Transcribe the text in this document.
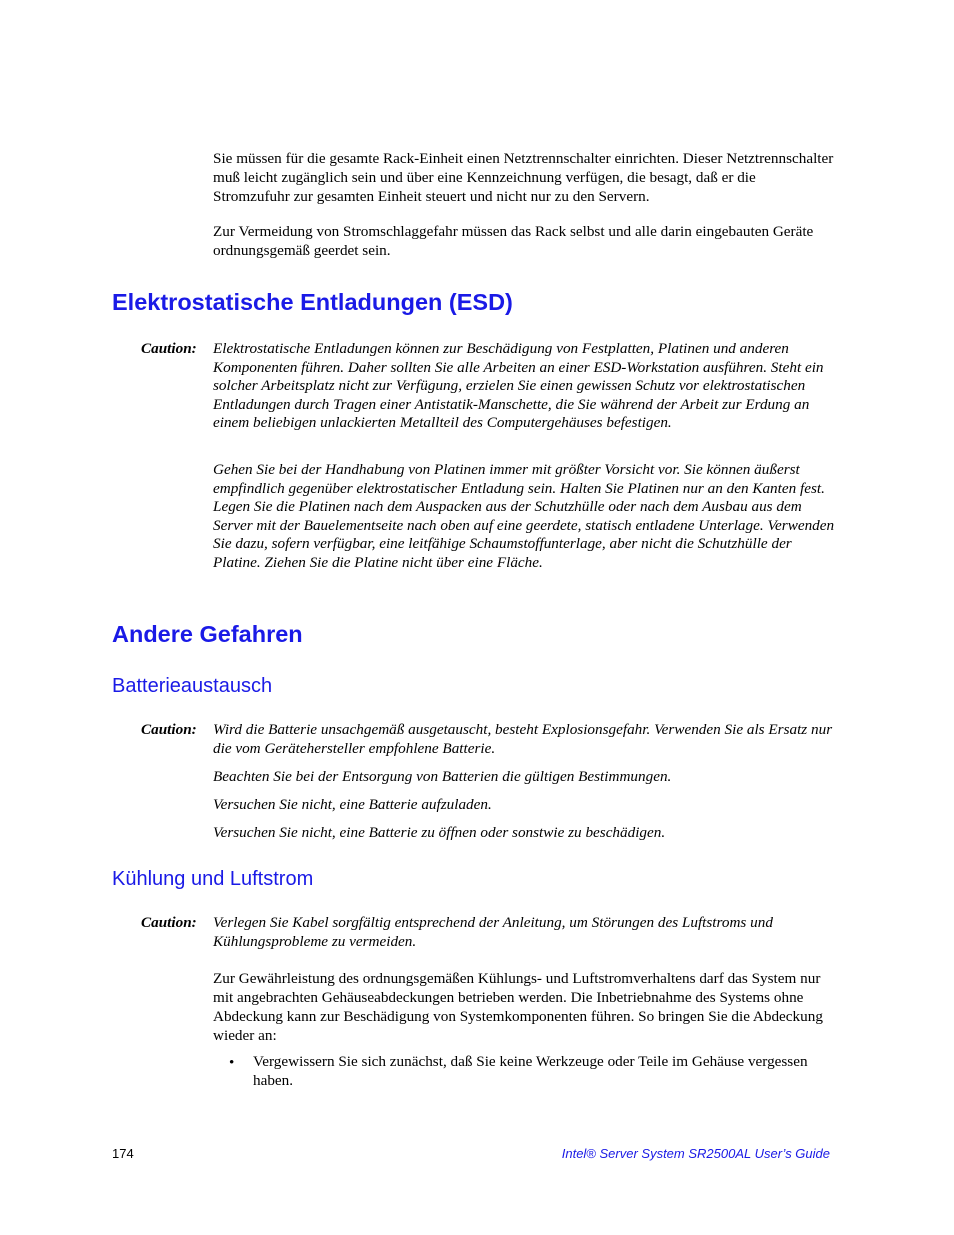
Sie müssen für die gesamte Rack-Einheit einen Netztrennschalter einrichten. Dieser Netztrennschalter muß leicht zugänglich sein und über eine Kennzeichnung verfügen, die besagt, daß er die Stromzufuhr zur gesamten Einheit steuert und nicht nur zu den Servern.

Zur Vermeidung von Stromschlaggefahr müssen das Rack selbst und alle darin eingebauten Geräte ordnungsgemäß geerdet sein.

Elektrostatische Entladungen (ESD)
Caution: Elektrostatische Entladungen können zur Beschädigung von Festplatten, Platinen und anderen Komponenten führen. Daher sollten Sie alle Arbeiten an einer ESD-Workstation ausführen. Steht ein solcher Arbeitsplatz nicht zur Verfügung, erzielen Sie einen gewissen Schutz vor elektrostatischen Entladungen durch Tragen einer Antistatik-Manschette, die Sie während der Arbeit zur Erdung an einem beliebigen unlackierten Metallteil des Computergehäuses befestigen.

Gehen Sie bei der Handhabung von Platinen immer mit größter Vorsicht vor. Sie können äußerst empfindlich gegenüber elektrostatischer Entladung sein. Halten Sie Platinen nur an den Kanten fest. Legen Sie die Platinen nach dem Auspacken aus der Schutzhülle oder nach dem Ausbau aus dem Server mit der Bauelementseite nach oben auf eine geerdete, statisch entladene Unterlage. Verwenden Sie dazu, sofern verfügbar, eine leitfähige Schaumstoffunterlage, aber nicht die Schutzhülle der Platine. Ziehen Sie die Platine nicht über eine Fläche.

Andere Gefahren
Batterieaustausch
Caution: Wird die Batterie unsachgemäß ausgetauscht, besteht Explosionsgefahr. Verwenden Sie als Ersatz nur die vom Gerätehersteller empfohlene Batterie.

Beachten Sie bei der Entsorgung von Batterien die gültigen Bestimmungen.

Versuchen Sie nicht, eine Batterie aufzuladen.

Versuchen Sie nicht, eine Batterie zu öffnen oder sonstwie zu beschädigen.

Kühlung und Luftstrom
Caution: Verlegen Sie Kabel sorgfältig entsprechend der Anleitung, um Störungen des Luftstroms und Kühlungsprobleme zu vermeiden.

Zur Gewährleistung des ordnungsgemäßen Kühlungs- und Luftstromverhaltens darf das System nur mit angebrachten Gehäuseabdeckungen betrieben werden. Die Inbetriebnahme des Systems ohne Abdeckung kann zur Beschädigung von Systemkomponenten führen. So bringen Sie die Abdeckung wieder an:

• Vergewissern Sie sich zunächst, daß Sie keine Werkzeuge oder Teile im Gehäuse vergessen haben.

174	Intel® Server System SR2500AL User’s Guide
